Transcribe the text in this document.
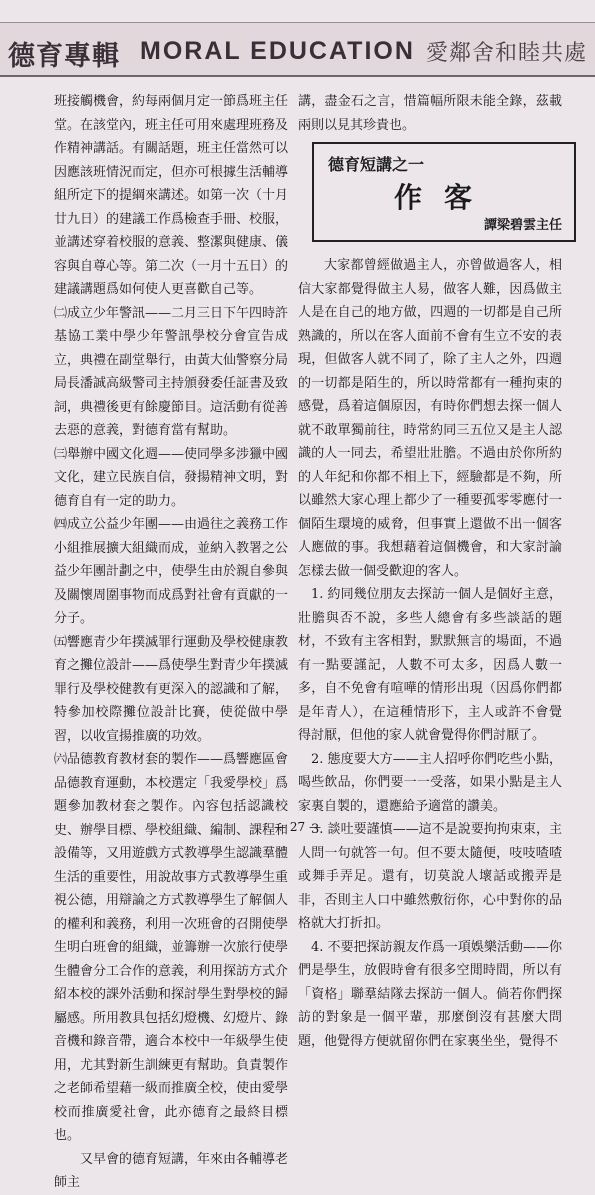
德育專輯 MORAL EDUCATION 愛鄰舍和睦共處

班接觸機會，約每兩個月定一節爲班主任堂。在該堂內，班主任可用來處理班務及作精神講話。有關話題，班主任當然可以因應該班情況而定，但亦可根據生活輔導組所定下的提綱來講述。如第一次（十月廿九日）的建議工作爲檢查手冊、校服，並講述穿着校服的意義、整潔與健康、儀容與自尊心等。第二次（一月十五日）的建議講題爲如何使人更喜歡自己等。

㈡成立少年警訊——二月三日下午四時許基協工業中學少年警訊學校分會宣告成立，典禮在副堂舉行，由黃大仙警察分局局長潘誠高級警司主持頒發委任証書及致詞，典禮後更有餘慶節目。這活動有從善去惡的意義，對德育當有幫助。

㈢舉辦中國文化週——使同學多涉獵中國文化，建立民族自信，發揚精神文明，對德育自有一定的助力。

㈣成立公益少年團——由過往之義務工作小組推展擴大組織而成，並納入教署之公益少年團計劃之中，使學生由於親自參與及關懷周圍事物而成爲對社會有貢獻的一分子。

㈤響應青少年撲滅罪行運動及學校健康教育之攤位設計——爲使學生對青少年撲滅罪行及學校健教有更深入的認識和了解，特參加校際攤位設計比賽，使從做中學習，以收宣揚推廣的功效。

㈥品德教育教材套的製作——爲響應區會品德教育運動，本校選定「我愛學校」爲題參加教材套之製作。內容包括認識校史、辦學目標、學校組織、編制、課程和設備等，又用遊戲方式教導學生認識羣體生活的重要性，用說故事方式教導學生重視公德，用辯論之方式教導學生了解個人的權利和義務，利用一次班會的召開使學生明白班會的組織，並籌辦一次旅行使學生體會分工合作的意義，利用探訪方式介紹本校的課外活動和探討學生對學校的歸屬感。所用教具包括幻燈機、幻燈片、錄音機和錄音帶，適合本校中一年級學生使用，尤其對新生訓練更有幫助。負責製作之老師希望藉一級而推廣全校，使由愛學校而推廣愛社會，此亦德育之最終目標也。

又早會的德育短講，年來由各輔導老師主

講，盡金石之言，惜篇幅所限未能全錄，茲載兩則以見其珍貴也。

德育短講之一
作客
譚梁碧雲主任

大家都曾經做過主人，亦曾做過客人，相信大家都覺得做主人易，做客人難，因爲做主人是在自己的地方做，四週的一切都是自己所熟識的，所以在客人面前不會有生立不安的表現，但做客人就不同了，除了主人之外，四週的一切都是陌生的，所以時常都有一種拘束的感覺，爲着這個原因，有時你們想去探一個人就不敢單獨前往，時常約同三五位又是主人認識的人一同去，希望壯壯膽。不過由於你所約的人年紀和你都不相上下，經驗都是不夠，所以雖然大家心理上都少了一種要孤零零應付一個陌生環境的威脅，但事實上還做不出一個客人應做的事。我想藉着這個機會，和大家討論怎樣去做一個受歡迎的客人。

1. 約同幾位朋友去探訪一個人是個好主意，壯膽與否不說，多些人總會有多些談話的題材，不致有主客相對，默默無言的場面，不過有一點要謹記，人數不可太多，因爲人數一多，自不免會有喧嘩的情形出現（因爲你們都是年青人），在這種情形下，主人或許不會覺得討厭，但他的家人就會覺得你們討厭了。

2. 態度要大方——主人招呼你們吃些小點，喝些飲品，你們要一一受落，如果小點是主人家裏自製的，還應給予適當的讚美。

3. 談吐要謹慎——這不是說要拘拘束束，主人問一句就答一句。但不要太隨便，吱吱喳喳或舞手弄足。還有，切莫說人壞話或搬弄是非，否則主人口中雖然敷衍你，心中對你的品格就大打折扣。

4. 不要把探訪親友作爲一項娛樂活動——你們是學生，放假時會有很多空閒時間，所以有「資格」聯羣結隊去探訪一個人。倘若你們探訪的對象是一個平輩，那麼倒沒有甚麼大問題，他覺得方便就留你們在家裏坐坐，覺得不

— 27 —
